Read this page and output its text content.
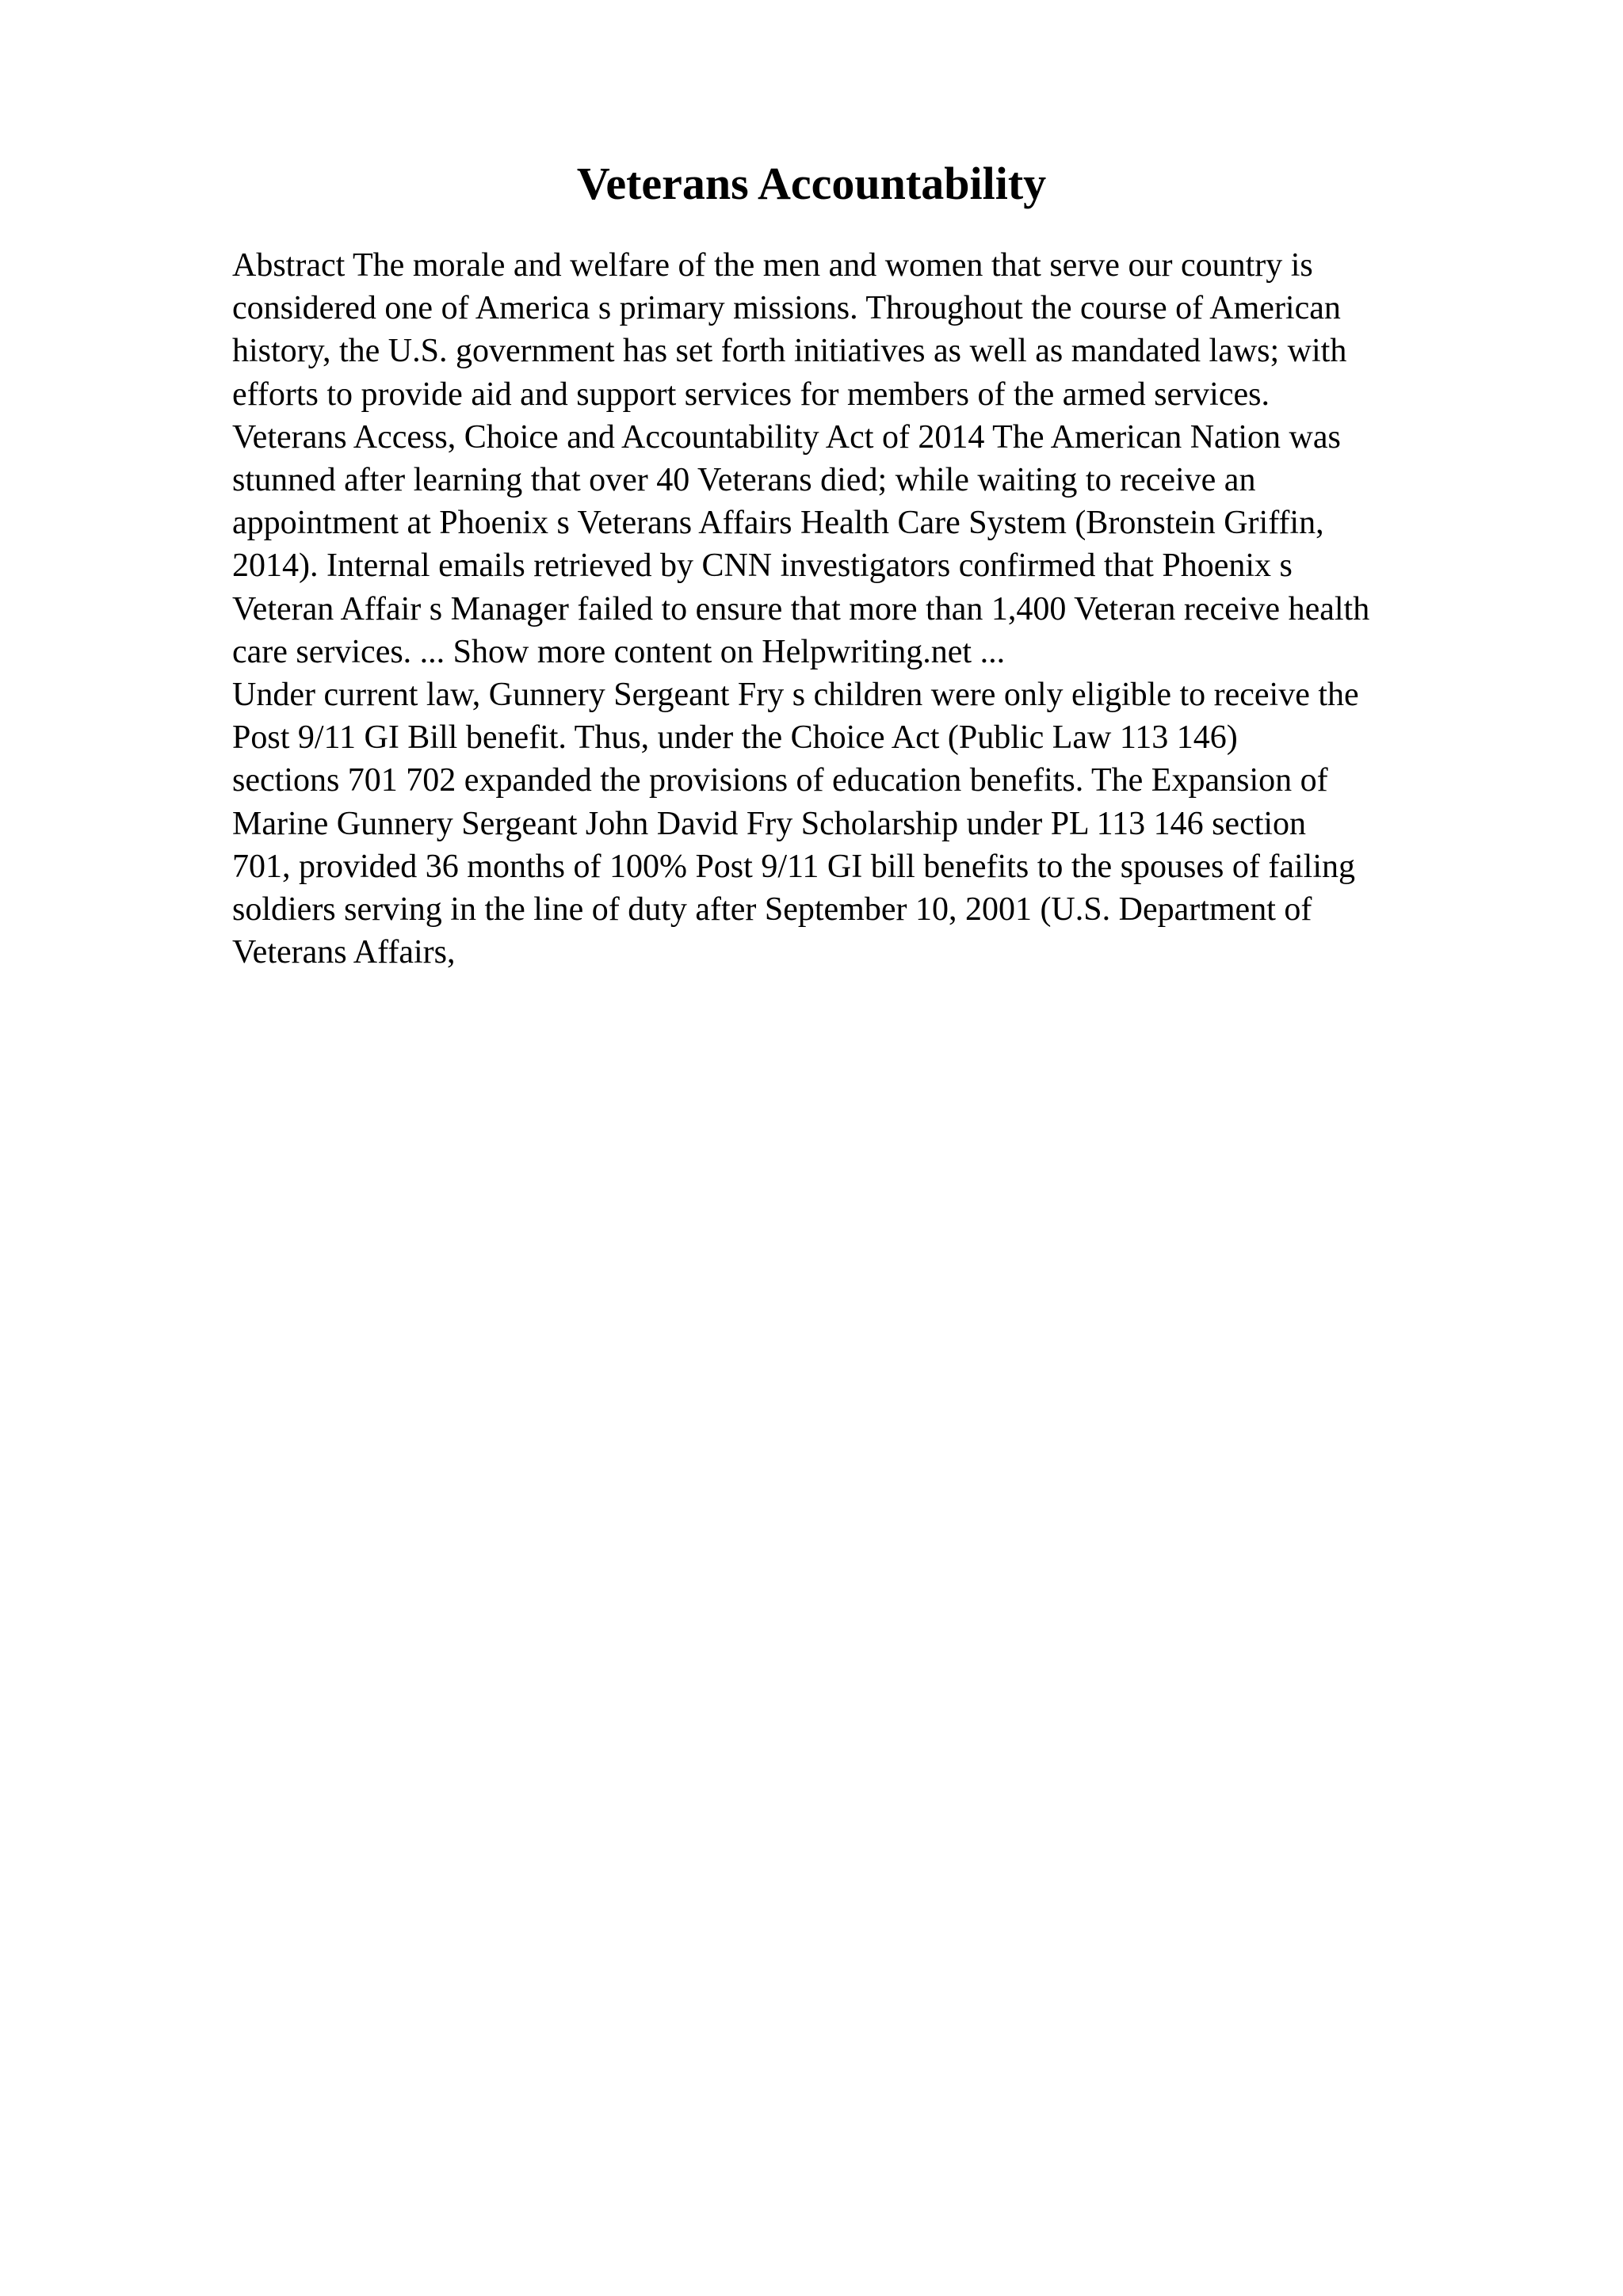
Veterans Accountability
Abstract The morale and welfare of the men and women that serve our country is
considered one of America s primary missions. Throughout the course of American
history, the U.S. government has set forth initiatives as well as mandated laws; with
efforts to provide aid and support services for members of the armed services.
Veterans Access, Choice and Accountability Act of 2014 The American Nation was
stunned after learning that over 40 Veterans died; while waiting to receive an
appointment at Phoenix s Veterans Affairs Health Care System (Bronstein Griffin,
2014). Internal emails retrieved by CNN investigators confirmed that Phoenix s
Veteran Affair s Manager failed to ensure that more than 1,400 Veteran receive health
care services. ... Show more content on Helpwriting.net ...
Under current law, Gunnery Sergeant Fry s children were only eligible to receive the
Post 9/11 GI Bill benefit. Thus, under the Choice Act (Public Law 113 146)
sections 701 702 expanded the provisions of education benefits. The Expansion of
Marine Gunnery Sergeant John David Fry Scholarship under PL 113 146 section
701, provided 36 months of 100% Post 9/11 GI bill benefits to the spouses of failing
soldiers serving in the line of duty after September 10, 2001 (U.S. Department of
Veterans Affairs,
